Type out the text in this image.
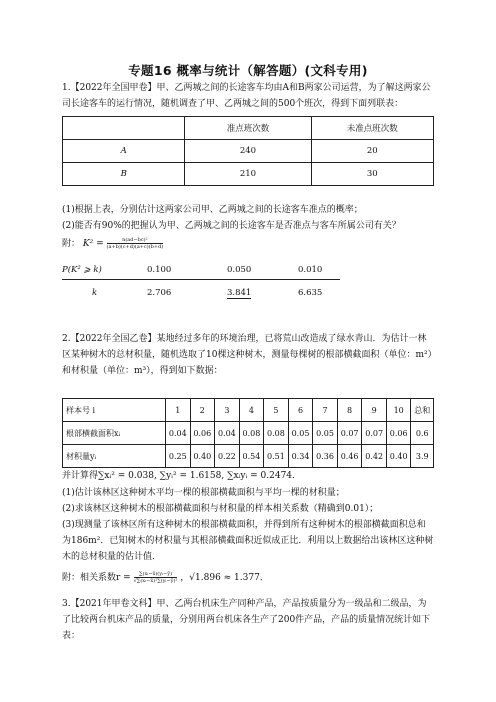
专题16 概率与统计（解答题）(文科专用)
1.【2022年全国甲卷】甲、乙两城之间的长途客车均由A和B两家公司运营，为了解这两家公司长途客车的运行情况，随机调查了甲、乙两城之间的500个班次，得到下面列联表：
	准点班次数	未准点班次数
A	240	20
B	210	30
(1)根据上表，分别估计这两家公司甲、乙两城之间的长途客车准点的概率；
(2)能否有90%的把握认为甲、乙两城之间的长途客车是否准点与客车所属公司有关？
附： $K^2 = \frac{\text{n(ad−bc)²}}{(a+b)(c+d)(a+c)(b+d)}$
P(K² ⩾ k)	0.100	0.050	0.010
k	2.706	3.841	6.635
2.【2022年全国乙卷】某地经过多年的环境治理，已将荒山改造成了绿水青山．为估计一林区某种树木的总材积量，随机选取了10棵这种树木，测量每棵树的根部横截面积（单位：m²）和材积量（单位：m³），得到如下数据：
样本号 i	1	2	3	4	5	6	7	8	9	10	总和
根部横截面积xᵢ	0.04	0.06	0.04	0.08	0.08	0.05	0.05	0.07	0.07	0.06	0.6
材积量yᵢ	0.25	0.40	0.22	0.54	0.51	0.34	0.36	0.46	0.42	0.40	3.9
并计算得∑xᵢ² = 0.038, ∑yᵢ² = 1.6158, ∑xᵢyᵢ = 0.2474．
(1)估计该林区这种树木平均一棵的根部横截面积与平均一棵的材积量；
(2)求该林区这种树木的根部横截面积与材积量的样本相关系数（精确到0.01）；
(3)现测量了该林区所有这种树木的根部横截面积，并得到所有这种树木的根部横截面积总和为186m²．已知树木的材积量与其根部横截面积近似成正比．利用以上数据给出该林区这种树木的总材积量的估计值．
附：相关系数$r = \frac{\text{∑(xᵢ−x̄)(yᵢ−ȳ)}}{\text{√∑(xᵢ−x̄)²∑(yᵢ−ȳ)²}}$ ，√1.896 ≈ 1.377．
3.【2021年甲卷文科】甲、乙两台机床生产同种产品，产品按质量分为一级品和二级品，为了比较两台机床产品的质量，分别用两台机床各生产了200件产品，产品的质量情况统计如下表：
